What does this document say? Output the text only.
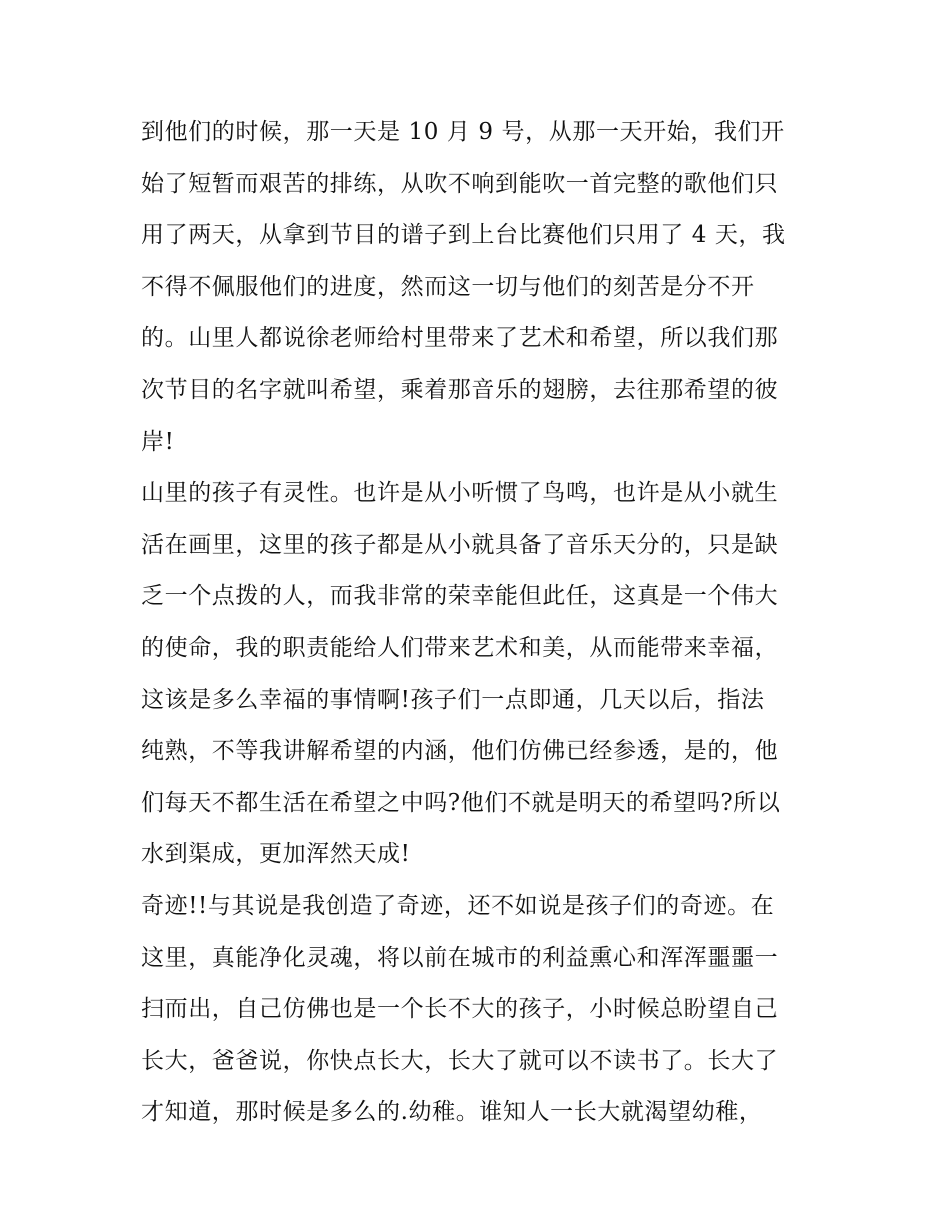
到他们的时候，那一天是 10 月 9 号，从那一天开始，我们开
始了短暂而艰苦的排练，从吹不响到能吹一首完整的歌他们只
用了两天，从拿到节目的谱子到上台比赛他们只用了 4 天，我
不得不佩服他们的进度，然而这一切与他们的刻苦是分不开
的。山里人都说徐老师给村里带来了艺术和希望，所以我们那
次节目的名字就叫希望，乘着那音乐的翅膀，去往那希望的彼
岸!
山里的孩子有灵性。也许是从小听惯了鸟鸣，也许是从小就生
活在画里，这里的孩子都是从小就具备了音乐天分的，只是缺
乏一个点拨的人，而我非常的荣幸能但此任，这真是一个伟大
的使命，我的职责能给人们带来艺术和美，从而能带来幸福，
这该是多么幸福的事情啊!孩子们一点即通，几天以后，指法
纯熟，不等我讲解希望的内涵，他们仿佛已经参透，是的，他
们每天不都生活在希望之中吗?他们不就是明天的希望吗?所以
水到渠成，更加浑然天成!
奇迹!!与其说是我创造了奇迹，还不如说是孩子们的奇迹。在
这里，真能净化灵魂，将以前在城市的利益熏心和浑浑噩噩一
扫而出，自己仿佛也是一个长不大的孩子，小时候总盼望自己
长大，爸爸说，你快点长大，长大了就可以不读书了。长大了
才知道，那时候是多么的.幼稚。谁知人一长大就渴望幼稚，
